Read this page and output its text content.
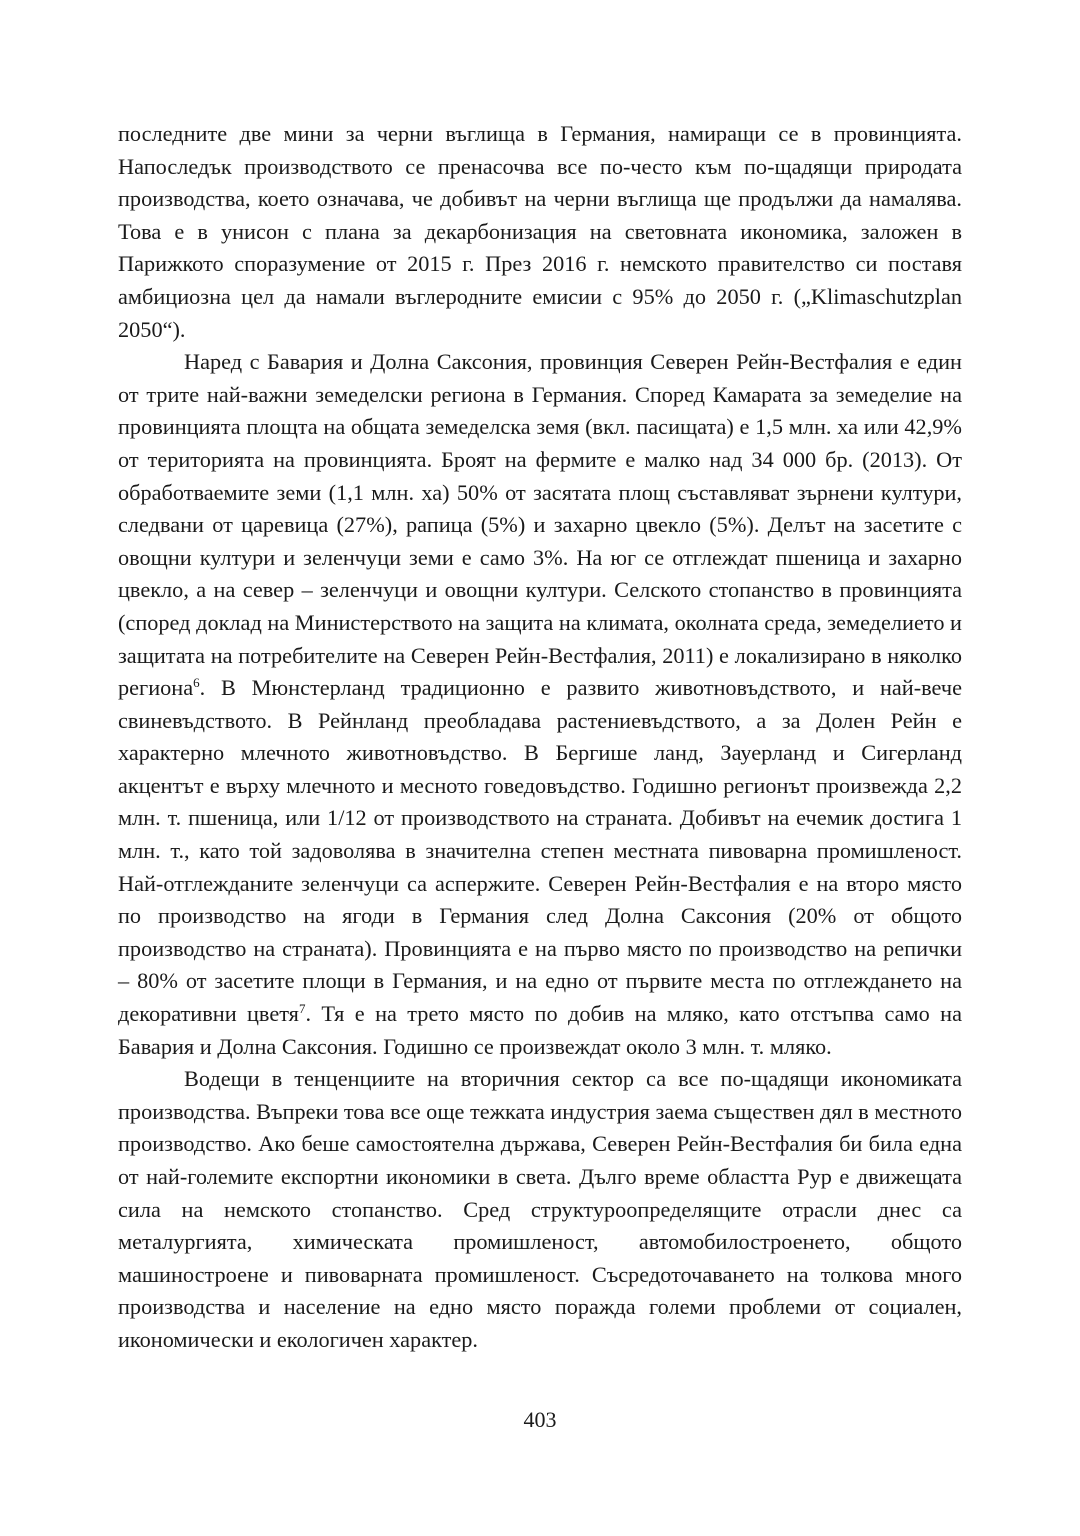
последните две мини за черни въглища в Германия, намиращи се в провинцията. Напоследък производството се пренасочва все по-често към по-щадящи природата производства, което означава, че добивът на черни въглища ще продължи да намалява. Това е в унисон с плана за декарбонизация на световната икономика, заложен в Парижкото споразумение от 2015 г. През 2016 г. немското правителство си поставя амбициозна цел да намали въглеродните емисии с 95% до 2050 г. („Klimaschutzplan 2050“).

Наред с Бавария и Долна Саксония, провинция Северен Рейн-Вестфалия е един от трите най-важни земеделски региона в Германия. Според Камарата за земеделие на провинцията площта на общата земеделска земя (вкл. пасищата) е 1,5 млн. ха или 42,9% от територията на провинцията. Броят на фермите е малко над 34 000 бр. (2013). От обработваемите земи (1,1 млн. ха) 50% от засятата площ съставляват зърнени култури, следвани от царевица (27%), рапица (5%) и захарно цвекло (5%). Делът на засетите с овощни култури и зеленчуци земи е само 3%. На юг се отглеждат пшеница и захарно цвекло, а на север – зеленчуци и овощни култури. Селското стопанство в провинцията (според доклад на Министерството на защита на климата, околната среда, земеделието и защитата на потребителите на Северен Рейн-Вестфалия, 2011) е локализирано в няколко региона$^6$. В Мюнстерланд традиционно е развито животновъдството, и най-вече свиневъдството. В Рейнланд преобладава растениевъдството, а за Долен Рейн е характерно млечното животновъдство. В Бергише ланд, Зауерланд и Сигерланд акцентът е върху млечното и месното говедовъдство. Годишно регионът произвежда 2,2 млн. т. пшеница, или 1/12 от производството на страната. Добивът на ечемик достига 1 млн. т., като той задоволява в значителна степен местната пивоварна промишленост. Най-отглежданите зеленчуци са аспержите. Северен Рейн-Вестфалия е на второ място по производство на ягоди в Германия след Долна Саксония (20% от общото производство на страната). Провинцията е на първо място по производство на репички – 80% от засетите площи в Германия, и на едно от първите места по отглеждането на декоративни цветя$^7$. Тя е на трето място по добив на мляко, като отстъпва само на Бавария и Долна Саксония. Годишно се произвеждат около 3 млн. т. мляко.

Водещи в тенценциите на вторичния сектор са все по-щадящи икономиката производства. Въпреки това все още тежката индустрия заема съществен дял в местното производство. Ако беше самостоятелна държава, Северен Рейн-Вестфалия би била една от най-големите експортни икономики в света. Дълго време областта Рур е движещата сила на немското стопанство. Сред структуроопределящите отрасли днес са металургията, химическата промишленост, автомобилостроенето, общото машиностроене и пивоварната промишленост. Съсредоточаването на толкова много производства и население на едно място поражда големи проблеми от социален, икономически и екологичен характер.

403
